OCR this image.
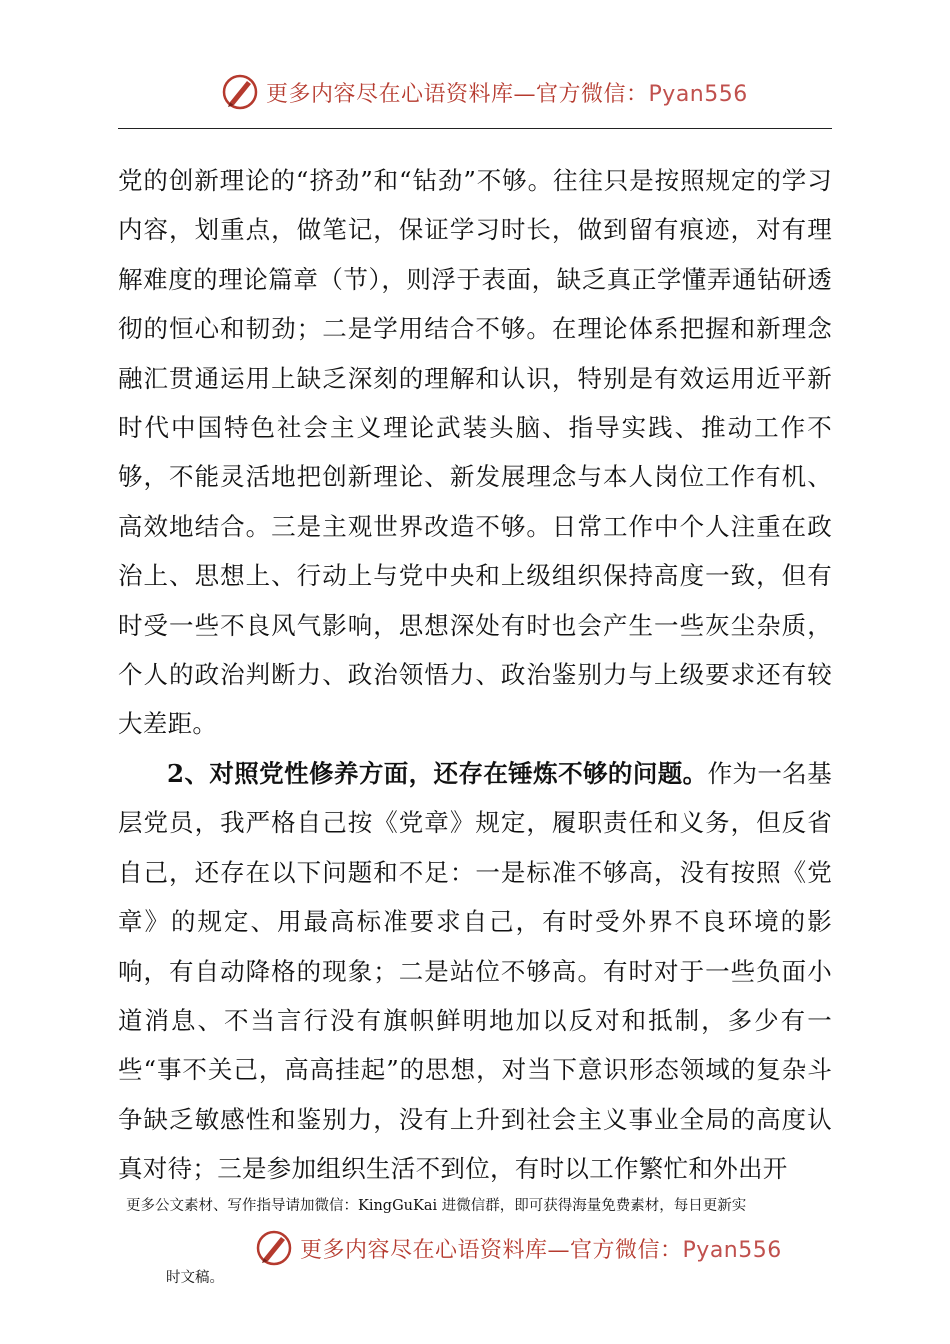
更多内容尽在心语资料库—官方微信：Pyan556

党的创新理论的“挤劲”和“钻劲”不够。往往只是按照规定的学习内容，划重点，做笔记，保证学习时长，做到留有痕迹，对有理解难度的理论篇章（节），则浮于表面，缺乏真正学懂弄通钻研透彻的恒心和韧劲；二是学用结合不够。在理论体系把握和新理念融汇贯通运用上缺乏深刻的理解和认识，特别是有效运用近平新时代中国特色社会主义理论武装头脑、指导实践、推动工作不够，不能灵活地把创新理论、新发展理念与本人岗位工作有机、高效地结合。三是主观世界改造不够。日常工作中个人注重在政治上、思想上、行动上与党中央和上级组织保持高度一致，但有时受一些不良风气影响，思想深处有时也会产生一些灰尘杂质，个人的政治判断力、政治领悟力、政治鉴别力与上级要求还有较大差距。

2、对照党性修养方面，还存在锤炼不够的问题。作为一名基层党员，我严格自己按《党章》规定，履职责任和义务，但反省自己，还存在以下问题和不足：一是标准不够高，没有按照《党章》的规定、用最高标准要求自己，有时受外界不良环境的影响，有自动降格的现象；二是站位不够高。有时对于一些负面小道消息、不当言行没有旗帜鲜明地加以反对和抵制，多少有一些“事不关己，高高挂起”的思想，对当下意识形态领域的复杂斗争缺乏敏感性和鉴别力，没有上升到社会主义事业全局的高度认真对待；三是参加组织生活不到位，有时以工作繁忙和外出开

更多公文素材、写作指导请加微信：KingGuKai 进微信群，即可获得海量免费素材，每日更新实
更多内容尽在心语资料库—官方微信：Pyan556
时文稿。
